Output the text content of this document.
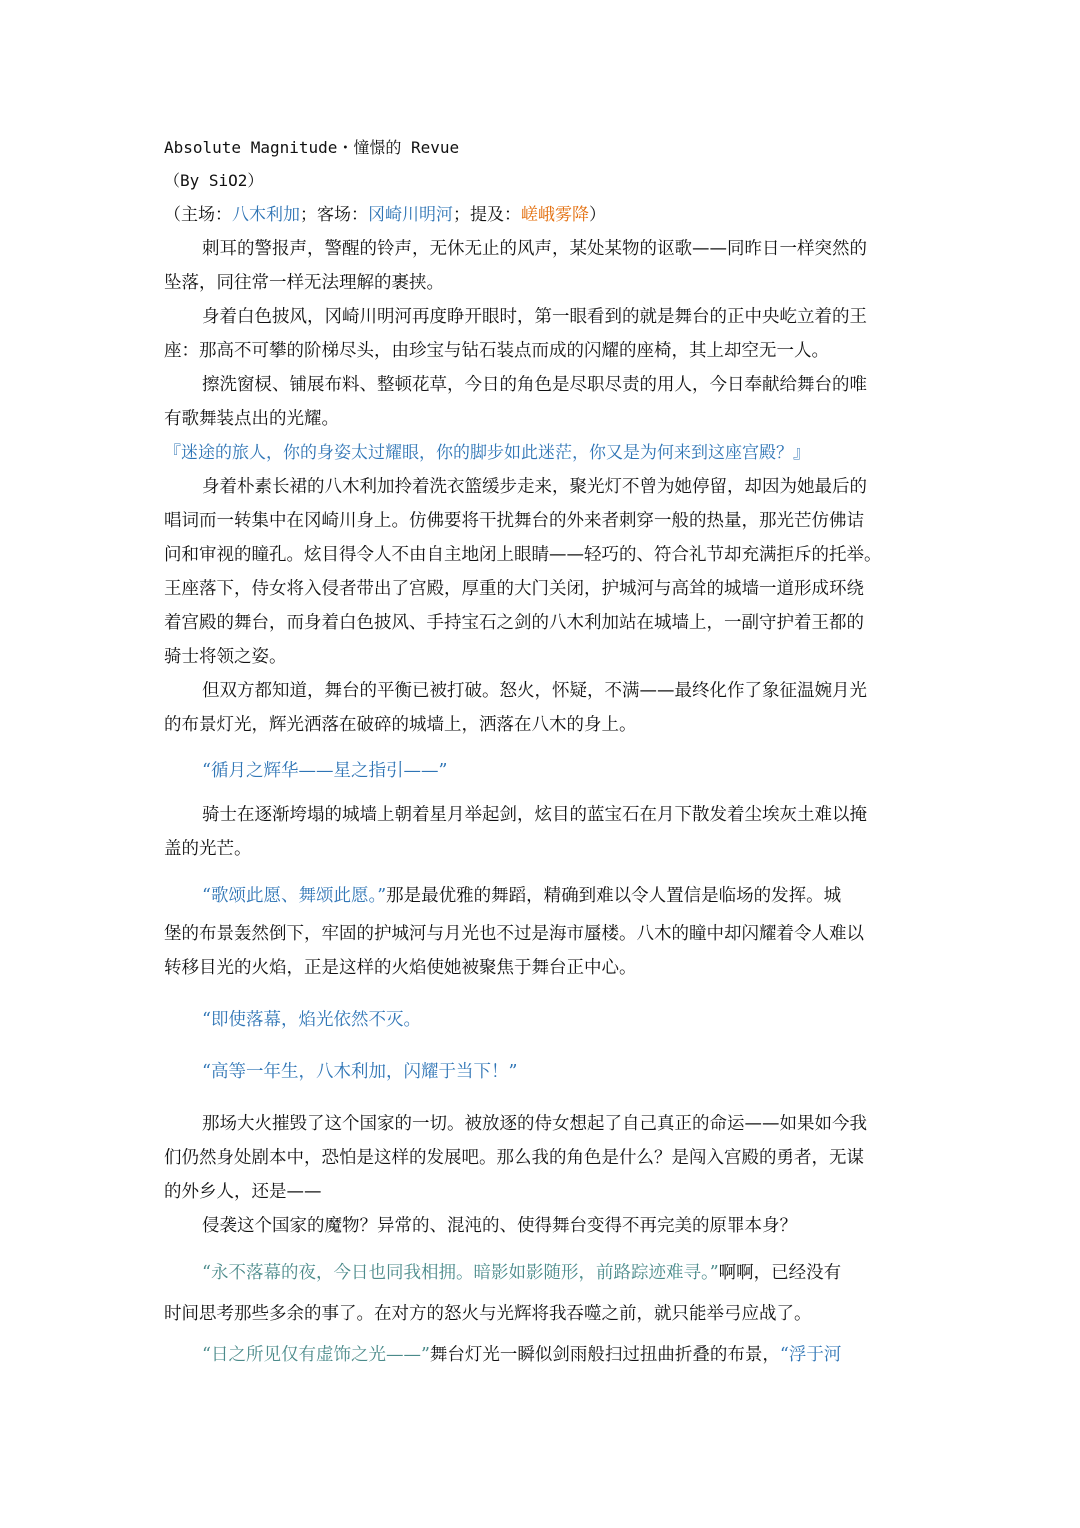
Absolute Magnitude・憧憬的 Revue

（By SiO2）

（主场：八木利加；客场：冈崎川明河；提及：嵯峨雾降）

刺耳的警报声，警醒的铃声，无休无止的风声，某处某物的讴歌——同昨日一样突然的
坠落，同往常一样无法理解的裹挟。

身着白色披风，冈崎川明河再度睁开眼时，第一眼看到的就是舞台的正中央屹立着的王
座：那高不可攀的阶梯尽头，由珍宝与钻石装点而成的闪耀的座椅，其上却空无一人。

擦洗窗棂、铺展布料、整顿花草，今日的角色是尽职尽责的用人，今日奉献给舞台的唯
有歌舞装点出的光耀。

『迷途的旅人，你的身姿太过耀眼，你的脚步如此迷茫，你又是为何来到这座宫殿？』

身着朴素长裙的八木利加拎着洗衣篮缓步走来，聚光灯不曾为她停留，却因为她最后的
唱词而一转集中在冈崎川身上。仿佛要将干扰舞台的外来者刺穿一般的热量，那光芒仿佛诘
问和审视的瞳孔。炫目得令人不由自主地闭上眼睛——轻巧的、符合礼节却充满拒斥的托举。
王座落下，侍女将入侵者带出了宫殿，厚重的大门关闭，护城河与高耸的城墙一道形成环绕
着宫殿的舞台，而身着白色披风、手持宝石之剑的八木利加站在城墙上，一副守护着王都的
骑士将领之姿。

但双方都知道，舞台的平衡已被打破。怒火，怀疑，不满——最终化作了象征温婉月光
的布景灯光，辉光洒落在破碎的城墙上，洒落在八木的身上。

“循月之辉华——星之指引——”

骑士在逐渐垮塌的城墙上朝着星月举起剑，炫目的蓝宝石在月下散发着尘埃灰土难以掩
盖的光芒。

“歌颂此愿、舞颂此愿。”那是最优雅的舞蹈，精确到难以令人置信是临场的发挥。城
堡的布景轰然倒下，牢固的护城河与月光也不过是海市蜃楼。八木的瞳中却闪耀着令人难以
转移目光的火焰，正是这样的火焰使她被聚焦于舞台正中心。

“即使落幕，焰光依然不灭。

“高等一年生，八木利加，闪耀于当下！”

那场大火摧毁了这个国家的一切。被放逐的侍女想起了自己真正的命运——如果如今我
们仍然身处剧本中，恐怕是这样的发展吧。那么我的角色是什么？是闯入宫殿的勇者，无谋
的外乡人，还是——

侵袭这个国家的魔物？异常的、混沌的、使得舞台变得不再完美的原罪本身？

“永不落幕的夜，今日也同我相拥。暗影如影随形，前路踪迹难寻。”啊啊，已经没有
时间思考那些多余的事了。在对方的怒火与光辉将我吞噬之前，就只能举弓应战了。

“日之所见仅有虚饰之光——”舞台灯光一瞬似剑雨般扫过扭曲折叠的布景，“浮于河
